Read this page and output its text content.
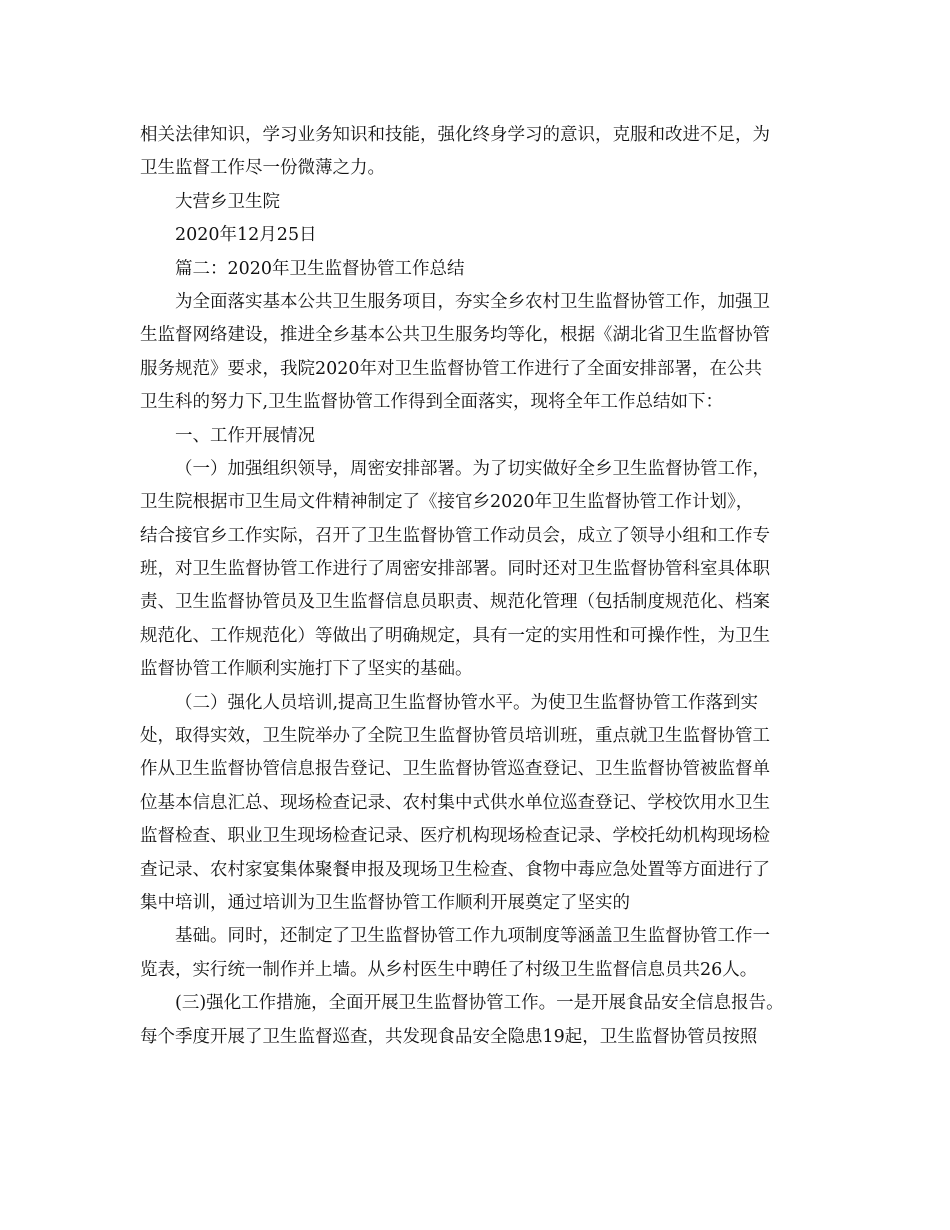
相关法律知识，学习业务知识和技能，强化终身学习的意识，克服和改进不足，为
卫生监督工作尽一份微薄之力。
大营乡卫生院
2020年12月25日
篇二：2020年卫生监督协管工作总结
为全面落实基本公共卫生服务项目，夯实全乡农村卫生监督协管工作，加强卫
生监督网络建设，推进全乡基本公共卫生服务均等化，根据《湖北省卫生监督协管
服务规范》要求，我院2020年对卫生监督协管工作进行了全面安排部署，在公共
卫生科的努力下,卫生监督协管工作得到全面落实，现将全年工作总结如下：
一、工作开展情况
（一）加强组织领导，周密安排部署。为了切实做好全乡卫生监督协管工作，
卫生院根据市卫生局文件精神制定了《接官乡2020年卫生监督协管工作计划》，
结合接官乡工作实际，召开了卫生监督协管工作动员会，成立了领导小组和工作专
班，对卫生监督协管工作进行了周密安排部署。同时还对卫生监督协管科室具体职
责、卫生监督协管员及卫生监督信息员职责、规范化管理（包括制度规范化、档案
规范化、工作规范化）等做出了明确规定，具有一定的实用性和可操作性，为卫生
监督协管工作顺利实施打下了坚实的基础。
（二）强化人员培训,提高卫生监督协管水平。为使卫生监督协管工作落到实
处，取得实效，卫生院举办了全院卫生监督协管员培训班，重点就卫生监督协管工
作从卫生监督协管信息报告登记、卫生监督协管巡查登记、卫生监督协管被监督单
位基本信息汇总、现场检查记录、农村集中式供水单位巡查登记、学校饮用水卫生
监督检查、职业卫生现场检查记录、医疗机构现场检查记录、学校托幼机构现场检
查记录、农村家宴集体聚餐申报及现场卫生检查、食物中毒应急处置等方面进行了
集中培训，通过培训为卫生监督协管工作顺利开展奠定了坚实的
基础。同时，还制定了卫生监督协管工作九项制度等涵盖卫生监督协管工作一
览表，实行统一制作并上墙。从乡村医生中聘任了村级卫生监督信息员共26人。
(三)强化工作措施，全面开展卫生监督协管工作。一是开展食品安全信息报告。
每个季度开展了卫生监督巡查，共发现食品安全隐患19起，卫生监督协管员按照
